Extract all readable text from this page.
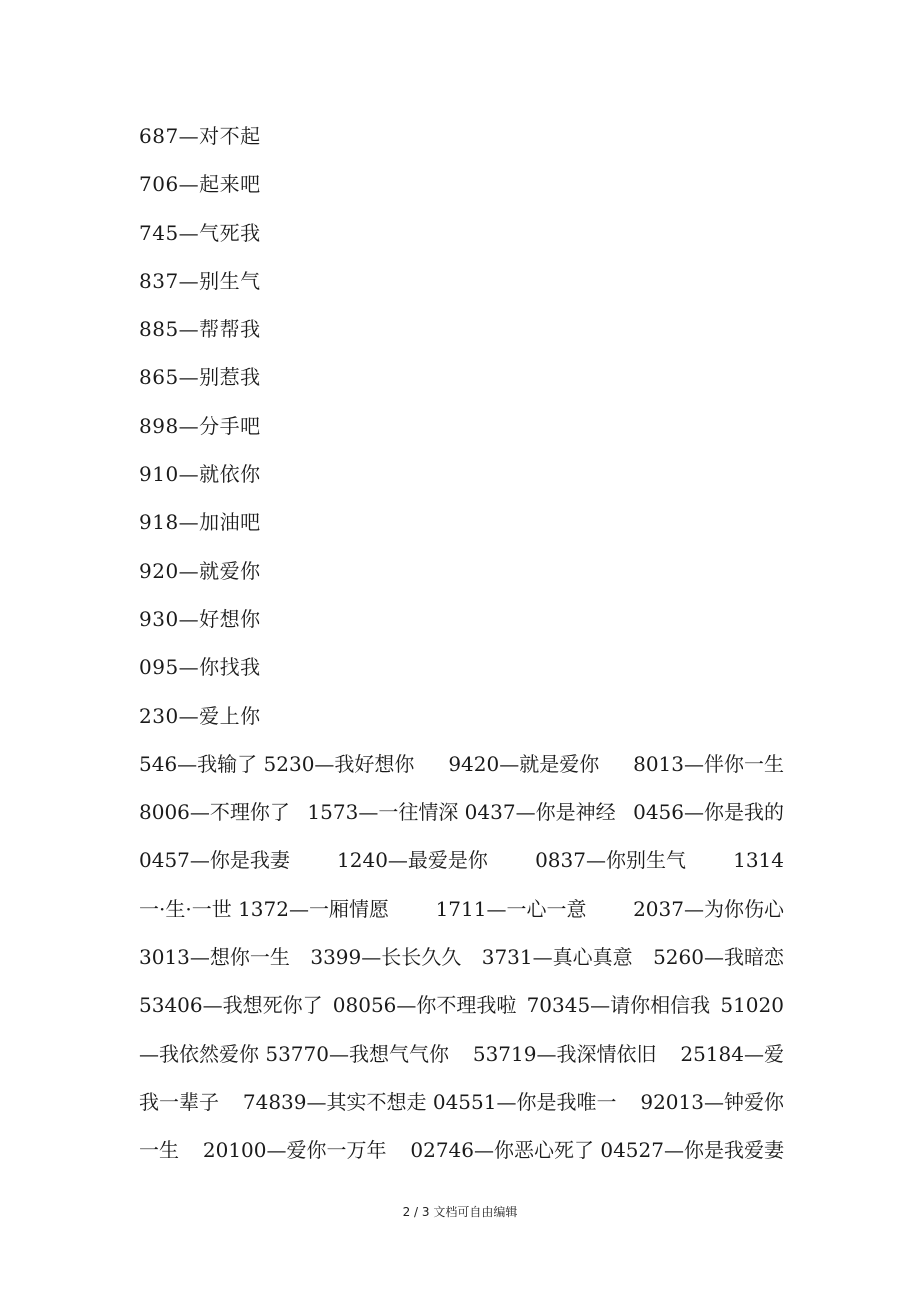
687—对不起
706—起来吧
745—气死我
837—别生气
885—帮帮我
865—别惹我
898—分手吧
910—就依你
918—加油吧
920—就爱你
930—好想你
095—你找我
230—爱上你
546—我输了 5230—我好想你 9420—就是爱你 8013—伴你一生
8006—不理你了 1573—一往情深 0437—你是神经 0456—你是我的
0457—你是我妻 1240—最爱是你 0837—你别生气 1314
一·生·一世 1372—一厢情愿 1711—一心一意 2037—为你伤心
3013—想你一生 3399—长长久久 3731—真心真意 5260—我暗恋
53406—我想死你了 08056—你不理我啦 70345—请你相信我 51020
—我依然爱你 53770—我想气气你 53719—我深情依旧 25184—爱
我一辈子 74839—其实不想走 04551—你是我唯一 92013—钟爱你
一生 20100—爱你一万年 02746—你恶心死了 04527—你是我爱妻
2 / 3 文档可自由编辑
